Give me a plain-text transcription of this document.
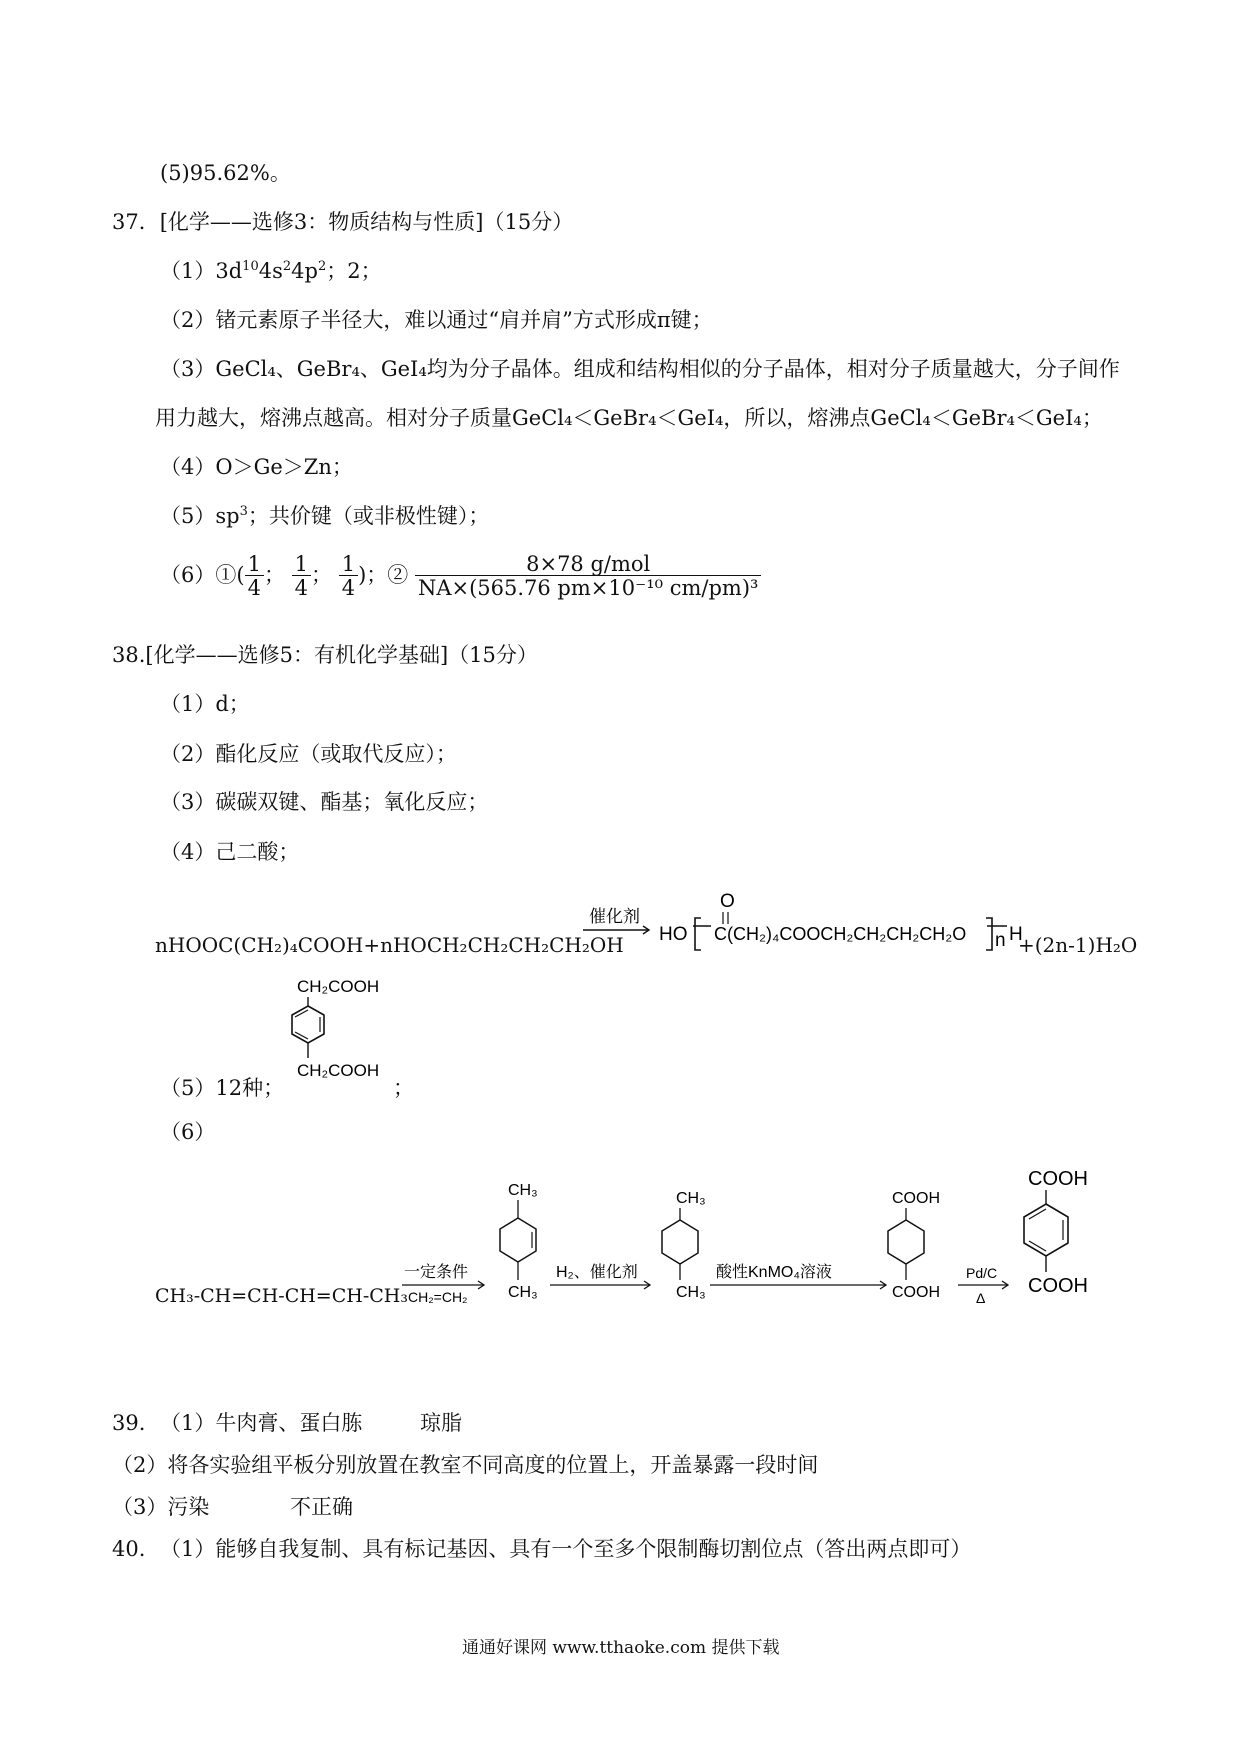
(5)95.62%。
37．[化学——选修3：物质结构与性质]（15分）
$(1)3d^{10}4s^24p^2$；2；
（2）锗元素原子半径大，难以通过“肩并肩”方式形成π键；
（3）GeCl₄、GeBr₄、GeI₄均为分子晶体。组成和结构相似的分子晶体，相对分子质量越大，分子间作
用力越大，熔沸点越高。相对分子质量GeCl₄＜GeBr₄＜GeI₄，所以，熔沸点GeCl₄＜GeBr₄＜GeI₄；
（4）O＞Ge＞Zn；
$(5)sp^3$；共价键（或非极性键）；
（6）①( $\frac{1}{4}$ ； $\frac{1}{4}$ ； $\frac{1}{4}$ )；② $\frac{\text{8×78 g/mol}}{\text{NA×(565.76 pm×10⁻¹⁰ cm/pm)³}}$
38.[化学——选修5：有机化学基础]（15分）
（1）d；
（2）酯化反应（或取代反应）；
（3）碳碳双键、酯基；氧化反应；
（4）己二酸；
nHOOC(CH₂)₄COOH+nHOCH₂CH₂CH₂CH₂OH
催化剂
HO
O
C(CH₂)₄COOCH₂CH₂CH₂CH₂O n H
+(2n-1)H₂O
（5）12种；
CH₂COOH
CH₂COOH
；
（6）
CH₃-CH=CH-CH=CH-CH₃
一定条件
CH₂=CH₂
CH₃
CH₃
H₂、催化剂
CH₃
CH₃
酸性KnMO₄溶液
COOH
COOH
Pd/C
Δ
COOH
COOH
39. （1）牛肉膏、蛋白胨	琼脂
（2）将各实验组平板分别放置在教室不同高度的位置上，开盖暴露一段时间
（3）污染	不正确
40. （1）能够自我复制、具有标记基因、具有一个至多个限制酶切割位点（答出两点即可）
通通好课网 www.tthaoke.com 提供下载
